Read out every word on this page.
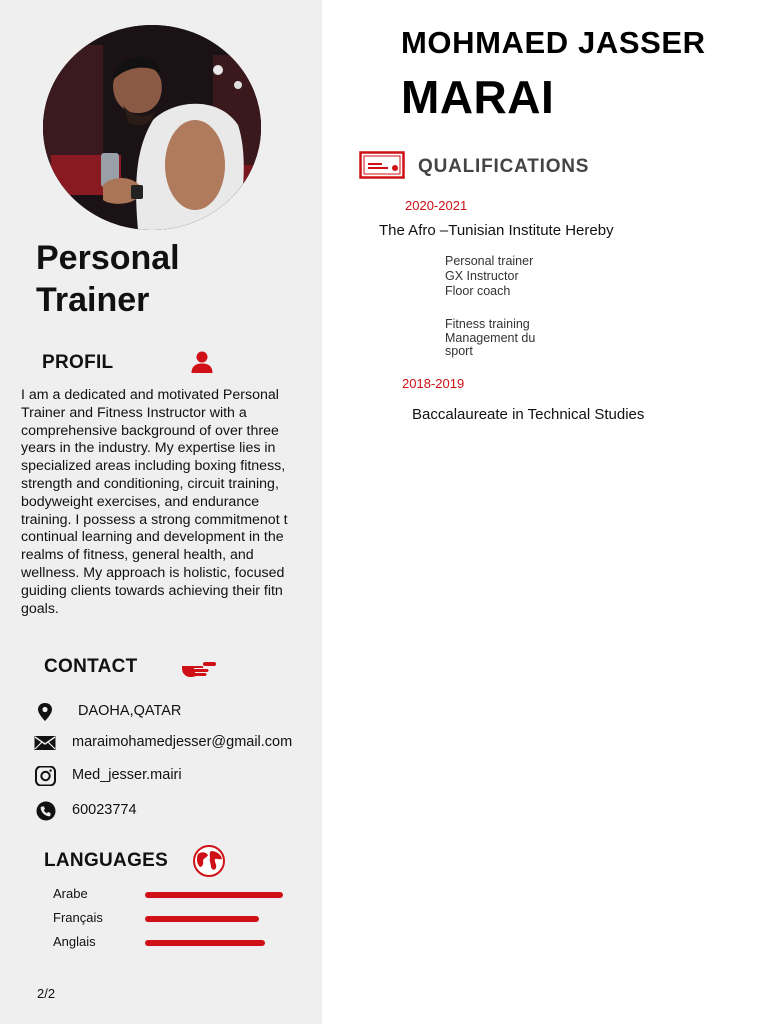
Personal
Trainer
PROFIL
I am a dedicated and motivated Personal
Trainer and Fitness Instructor with a
comprehensive background of over three
years in the industry. My expertise lies in
specialized areas including boxing fitness,
strength and conditioning, circuit training,
bodyweight exercises, and endurance
training. I possess a strong commitmenot t
continual learning and development in the
realms of fitness, general health, and
wellness. My approach is holistic, focused
guiding clients towards achieving their fitn
goals.
CONTACT
DAOHA,QATAR
maraimohamedjesser@gmail.com
Med_jesser.mairi
60023774
LANGUAGES
Arabe
Français
Anglais
2/2
MOHMAED JASSER
MARAI
QUALIFICATIONS
2020-2021
The Afro –Tunisian Institute Hereby
Personal trainer
GX Instructor
Floor coach
Fitness training
Management du
sport
2018-2019
Baccalaureate in Technical Studies
